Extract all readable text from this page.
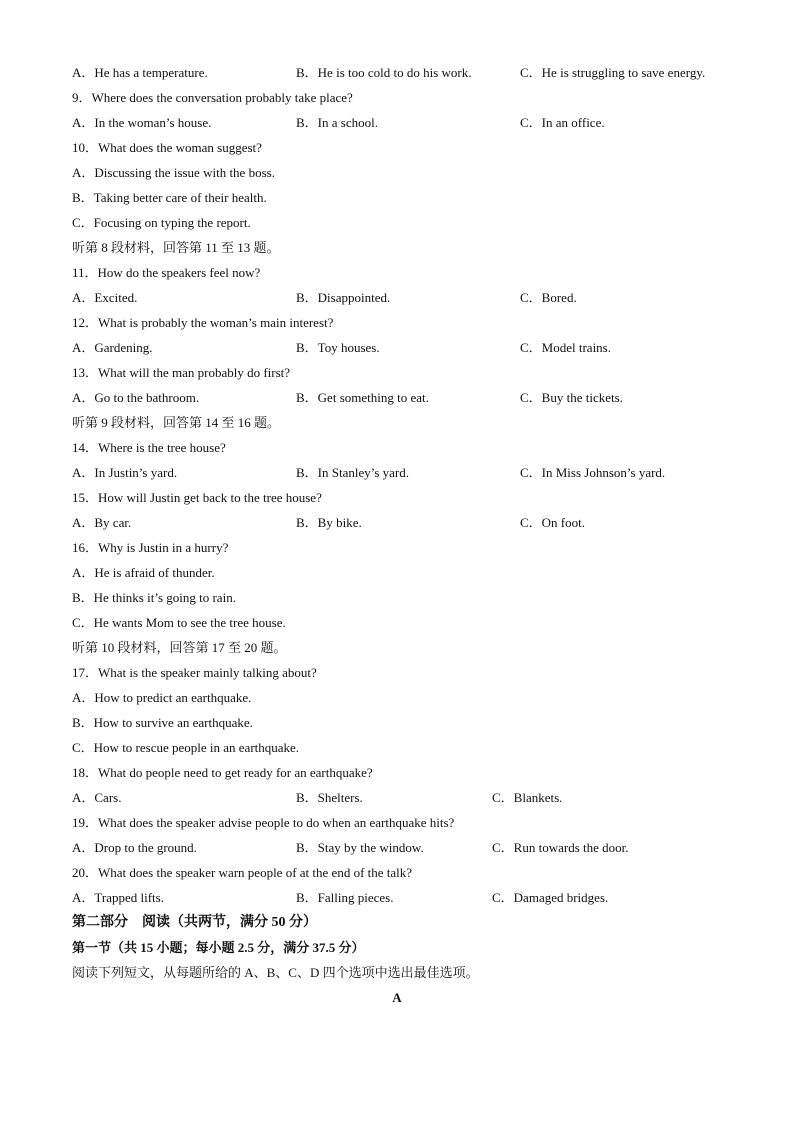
A．He has a temperature.	B．He is too cold to do his work.	C．He is struggling to save energy.
9．Where does the conversation probably take place?
A．In the woman’s house.	B．In a school.	C．In an office.
10．What does the woman suggest?
A．Discussing the issue with the boss.
B．Taking better care of their health.
C．Focusing on typing the report.
听第 8 段材料，回答第 11 至 13 题。
11．How do the speakers feel now?
A．Excited.	B．Disappointed.	C．Bored.
12．What is probably the woman’s main interest?
A．Gardening.	B．Toy houses.	C．Model trains.
13．What will the man probably do first?
A．Go to the bathroom.	B．Get something to eat.	C．Buy the tickets.
听第 9 段材料，回答第 14 至 16 题。
14．Where is the tree house?
A．In Justin’s yard.	B．In Stanley’s yard.	C．In Miss Johnson’s yard.
15．How will Justin get back to the tree house?
A．By car.	B．By bike.	C．On foot.
16．Why is Justin in a hurry?
A．He is afraid of thunder.
B．He thinks it’s going to rain.
C．He wants Mom to see the tree house.
听第 10 段材料，回答第 17 至 20 题。
17．What is the speaker mainly talking about?
A．How to predict an earthquake.
B．How to survive an earthquake.
C．How to rescue people in an earthquake.
18．What do people need to get ready for an earthquake?
A．Cars.	B．Shelters.	C．Blankets.
19．What does the speaker advise people to do when an earthquake hits?
A．Drop to the ground.	B．Stay by the window.	C．Run towards the door.
20．What does the speaker warn people of at the end of the talk?
A．Trapped lifts.	B．Falling pieces.	C．Damaged bridges.
第二部分　阅读（共两节，满分 50 分）
第一节（共 15 小题；每小题 2.5 分，满分 37.5 分）
阅读下列短文，从每题所给的 A、B、C、D 四个选项中选出最佳选项。
A
